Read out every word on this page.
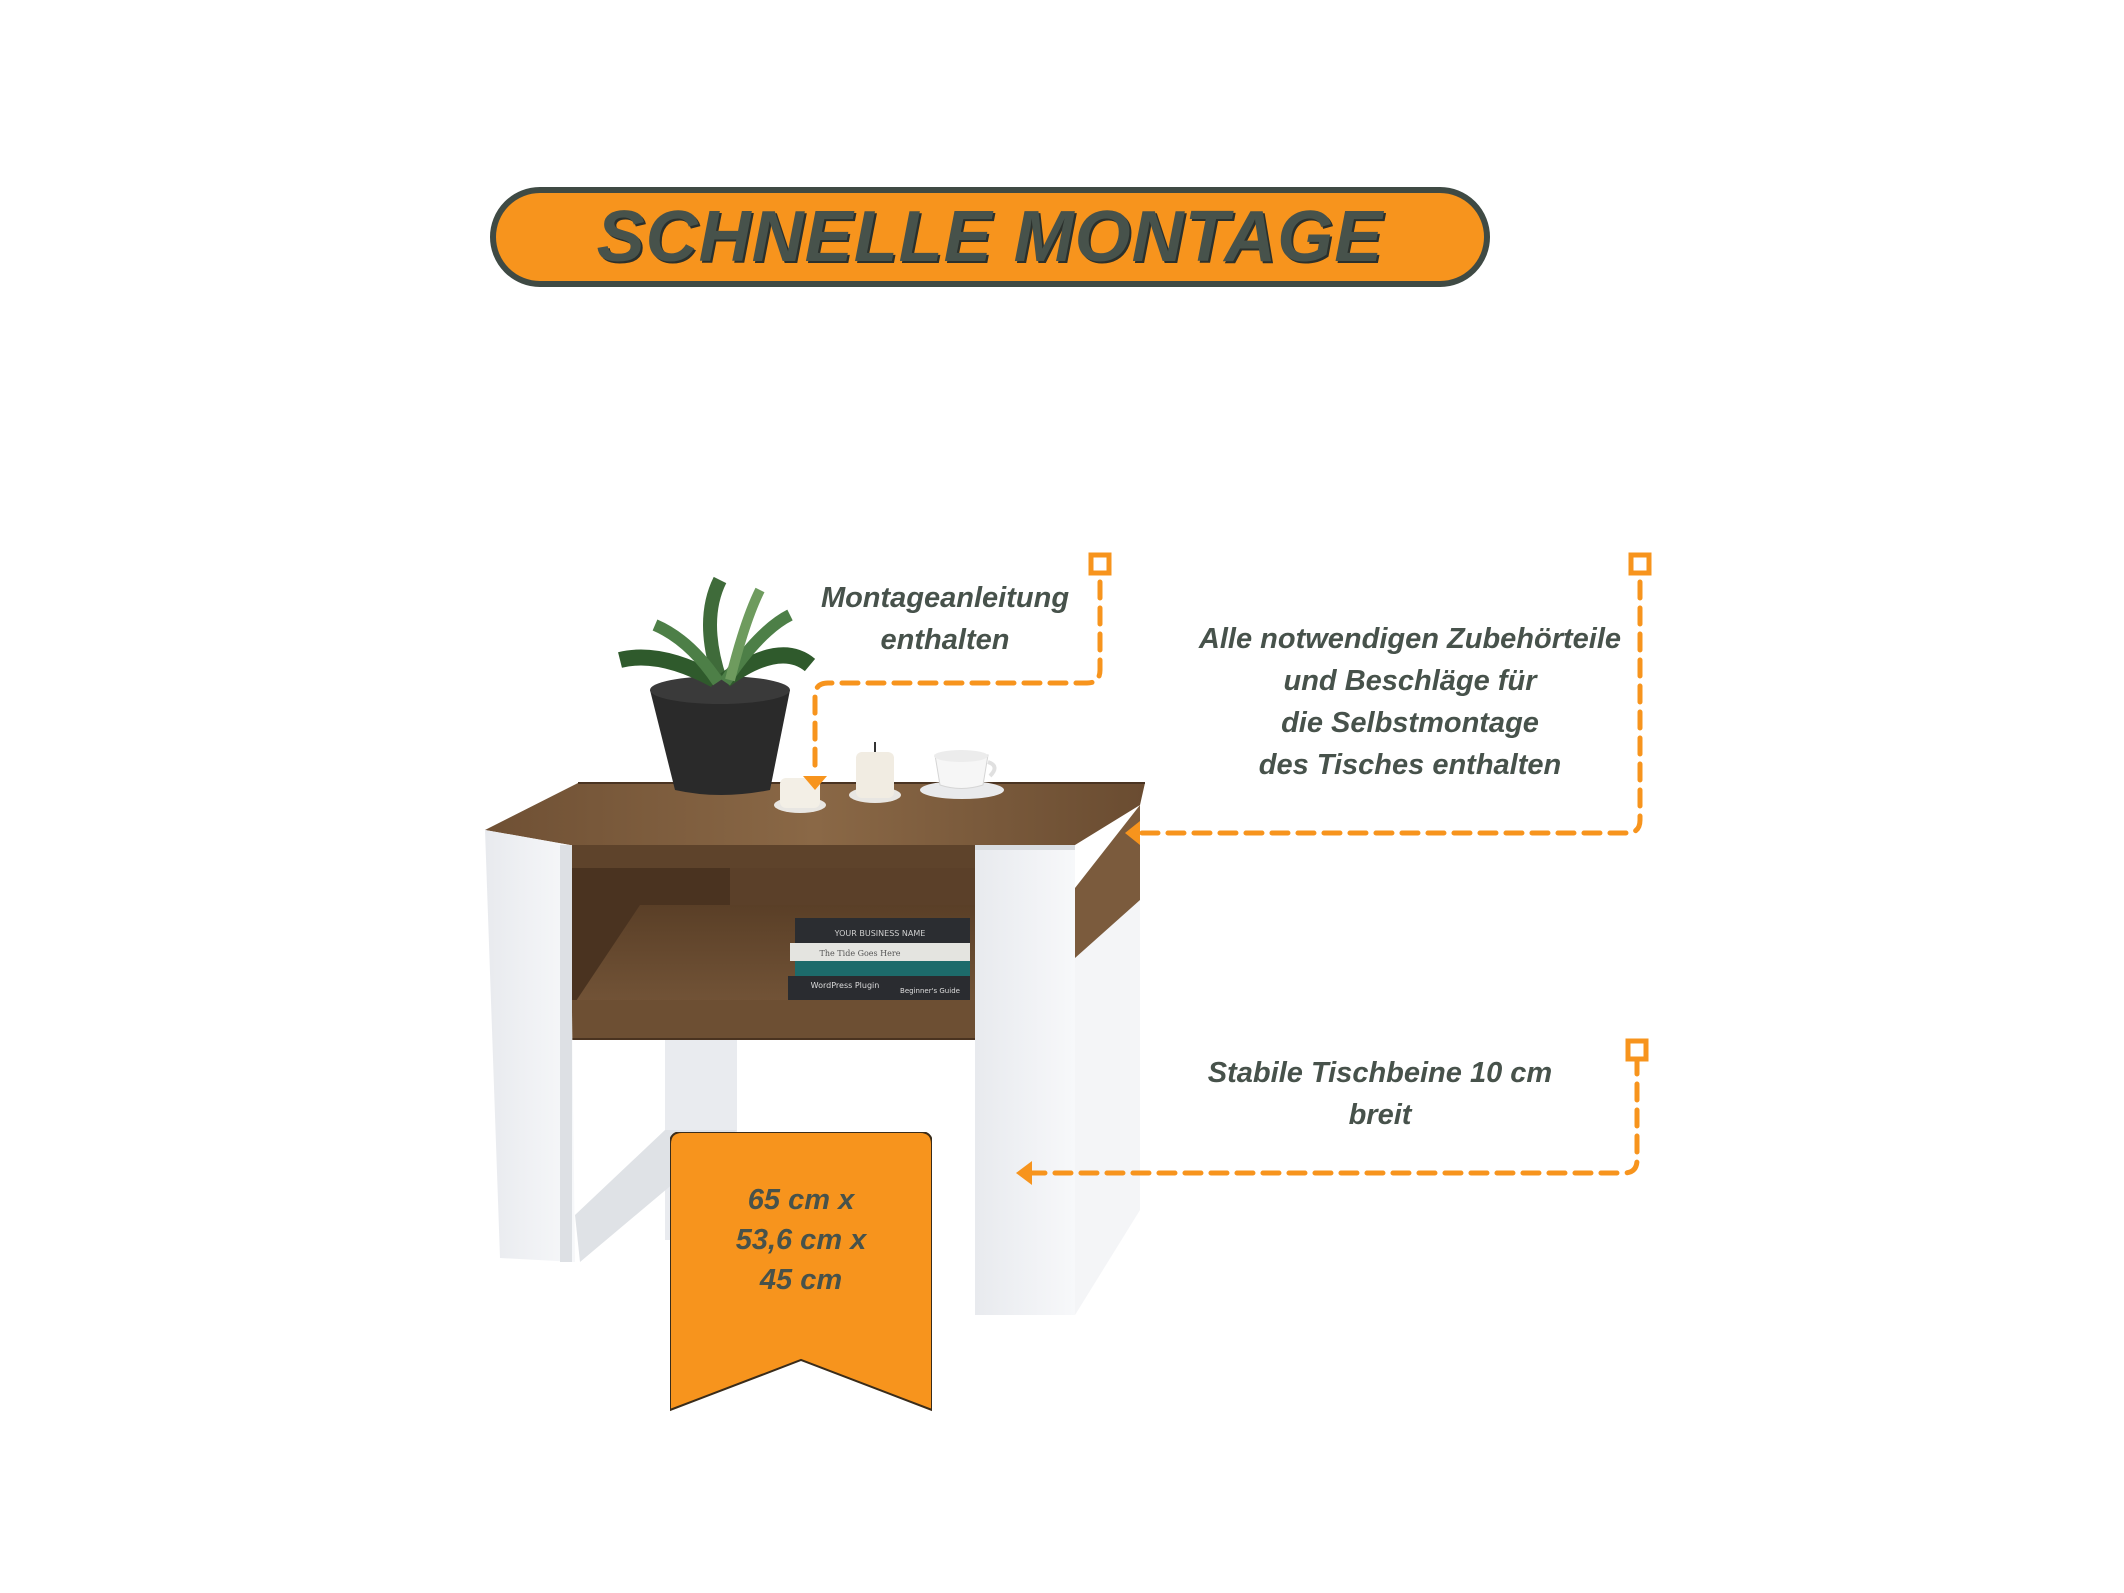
SCHNELLE MONTAGE
YOUR BUSINESS NAME
The Tide Goes Here
WordPress Plugin
Beginner's Guide
Montageanleitung
enthalten	Alle notwendigen Zubehörteile
und Beschläge für
die Selbstmontage
des Tisches enthalten
Stabile Tischbeine 10 cm
breit
65 cm x
53,6 cm x
45 cm
